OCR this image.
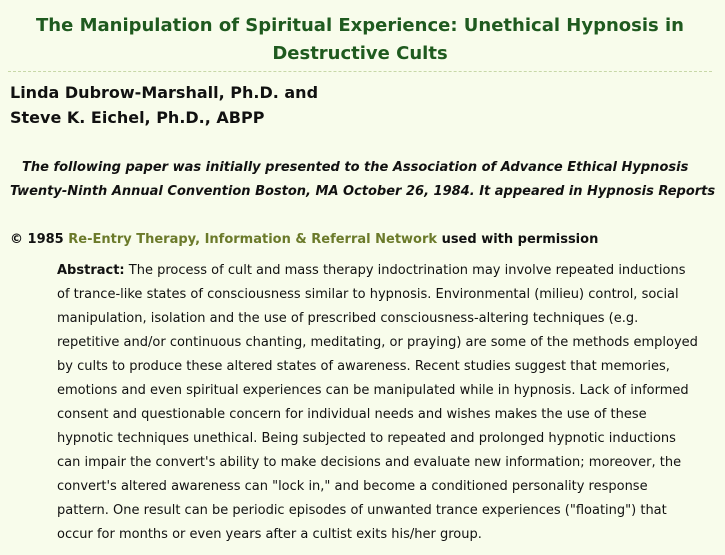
The Manipulation of Spiritual Experience: Unethical Hypnosis in
Destructive Cults
Linda Dubrow-Marshall, Ph.D. and
Steve K. Eichel, Ph.D., ABPP
The following paper was initially presented to the Association of Advance Ethical Hypnosis
Twenty-Ninth Annual Convention Boston, MA October 26, 1984. It appeared in Hypnosis Reports
© 1985 Re-Entry Therapy, Information & Referral Network used with permission
Abstract: The process of cult and mass therapy indoctrination may involve repeated inductions
of trance-like states of consciousness similar to hypnosis. Environmental (milieu) control, social
manipulation, isolation and the use of prescribed consciousness-altering techniques (e.g.
repetitive and/or continuous chanting, meditating, or praying) are some of the methods employed
by cults to produce these altered states of awareness. Recent studies suggest that memories,
emotions and even spiritual experiences can be manipulated while in hypnosis. Lack of informed
consent and questionable concern for individual needs and wishes makes the use of these
hypnotic techniques unethical. Being subjected to repeated and prolonged hypnotic inductions
can impair the convert's ability to make decisions and evaluate new information; moreover, the
convert's altered awareness can "lock in," and become a conditioned personality response
pattern. One result can be periodic episodes of unwanted trance experiences ("floating") that
occur for months or even years after a cultist exits his/her group.
